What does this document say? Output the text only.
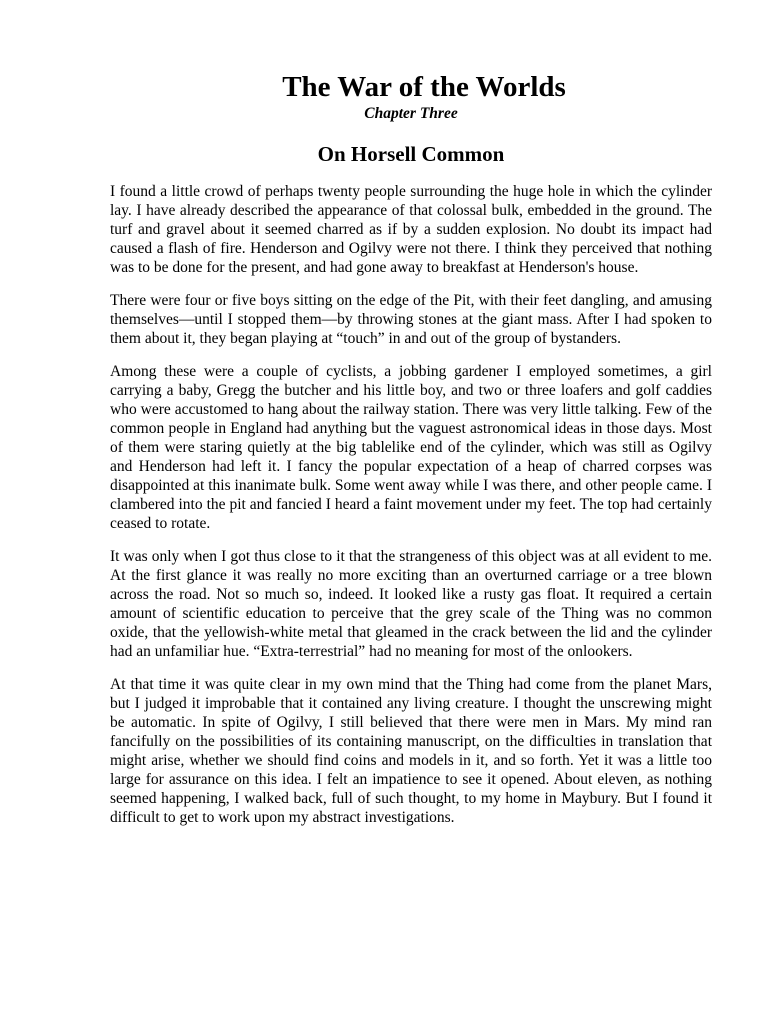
The War of the Worlds
Chapter Three
On Horsell Common

I found a little crowd of perhaps twenty people surrounding the huge hole in which the cylinder lay. I have already described the appearance of that colossal bulk, embedded in the ground. The turf and gravel about it seemed charred as if by a sudden explosion. No doubt its impact had caused a flash of fire. Henderson and Ogilvy were not there. I think they perceived that nothing was to be done for the present, and had gone away to breakfast at Henderson's house.

There were four or five boys sitting on the edge of the Pit, with their feet dangling, and amusing themselves—until I stopped them—by throwing stones at the giant mass. After I had spoken to them about it, they began playing at “touch” in and out of the group of bystanders.

Among these were a couple of cyclists, a jobbing gardener I employed sometimes, a girl carrying a baby, Gregg the butcher and his little boy, and two or three loafers and golf caddies who were accustomed to hang about the railway station. There was very little talking. Few of the common people in England had anything but the vaguest astronomical ideas in those days. Most of them were staring quietly at the big tablelike end of the cylinder, which was still as Ogilvy and Henderson had left it. I fancy the popular expectation of a heap of charred corpses was disappointed at this inanimate bulk. Some went away while I was there, and other people came. I clambered into the pit and fancied I heard a faint movement under my feet. The top had certainly ceased to rotate.

It was only when I got thus close to it that the strangeness of this object was at all evident to me. At the first glance it was really no more exciting than an overturned carriage or a tree blown across the road. Not so much so, indeed. It looked like a rusty gas float. It required a certain amount of scientific education to perceive that the grey scale of the Thing was no common oxide, that the yellowish-white metal that gleamed in the crack between the lid and the cylinder had an unfamiliar hue. “Extra-terrestrial” had no meaning for most of the onlookers.

At that time it was quite clear in my own mind that the Thing had come from the planet Mars, but I judged it improbable that it contained any living creature. I thought the unscrewing might be automatic. In spite of Ogilvy, I still believed that there were men in Mars. My mind ran fancifully on the possibilities of its containing manuscript, on the difficulties in translation that might arise, whether we should find coins and models in it, and so forth. Yet it was a little too large for assurance on this idea. I felt an impatience to see it opened. About eleven, as nothing seemed happening, I walked back, full of such thought, to my home in Maybury. But I found it difficult to get to work upon my abstract investigations.
